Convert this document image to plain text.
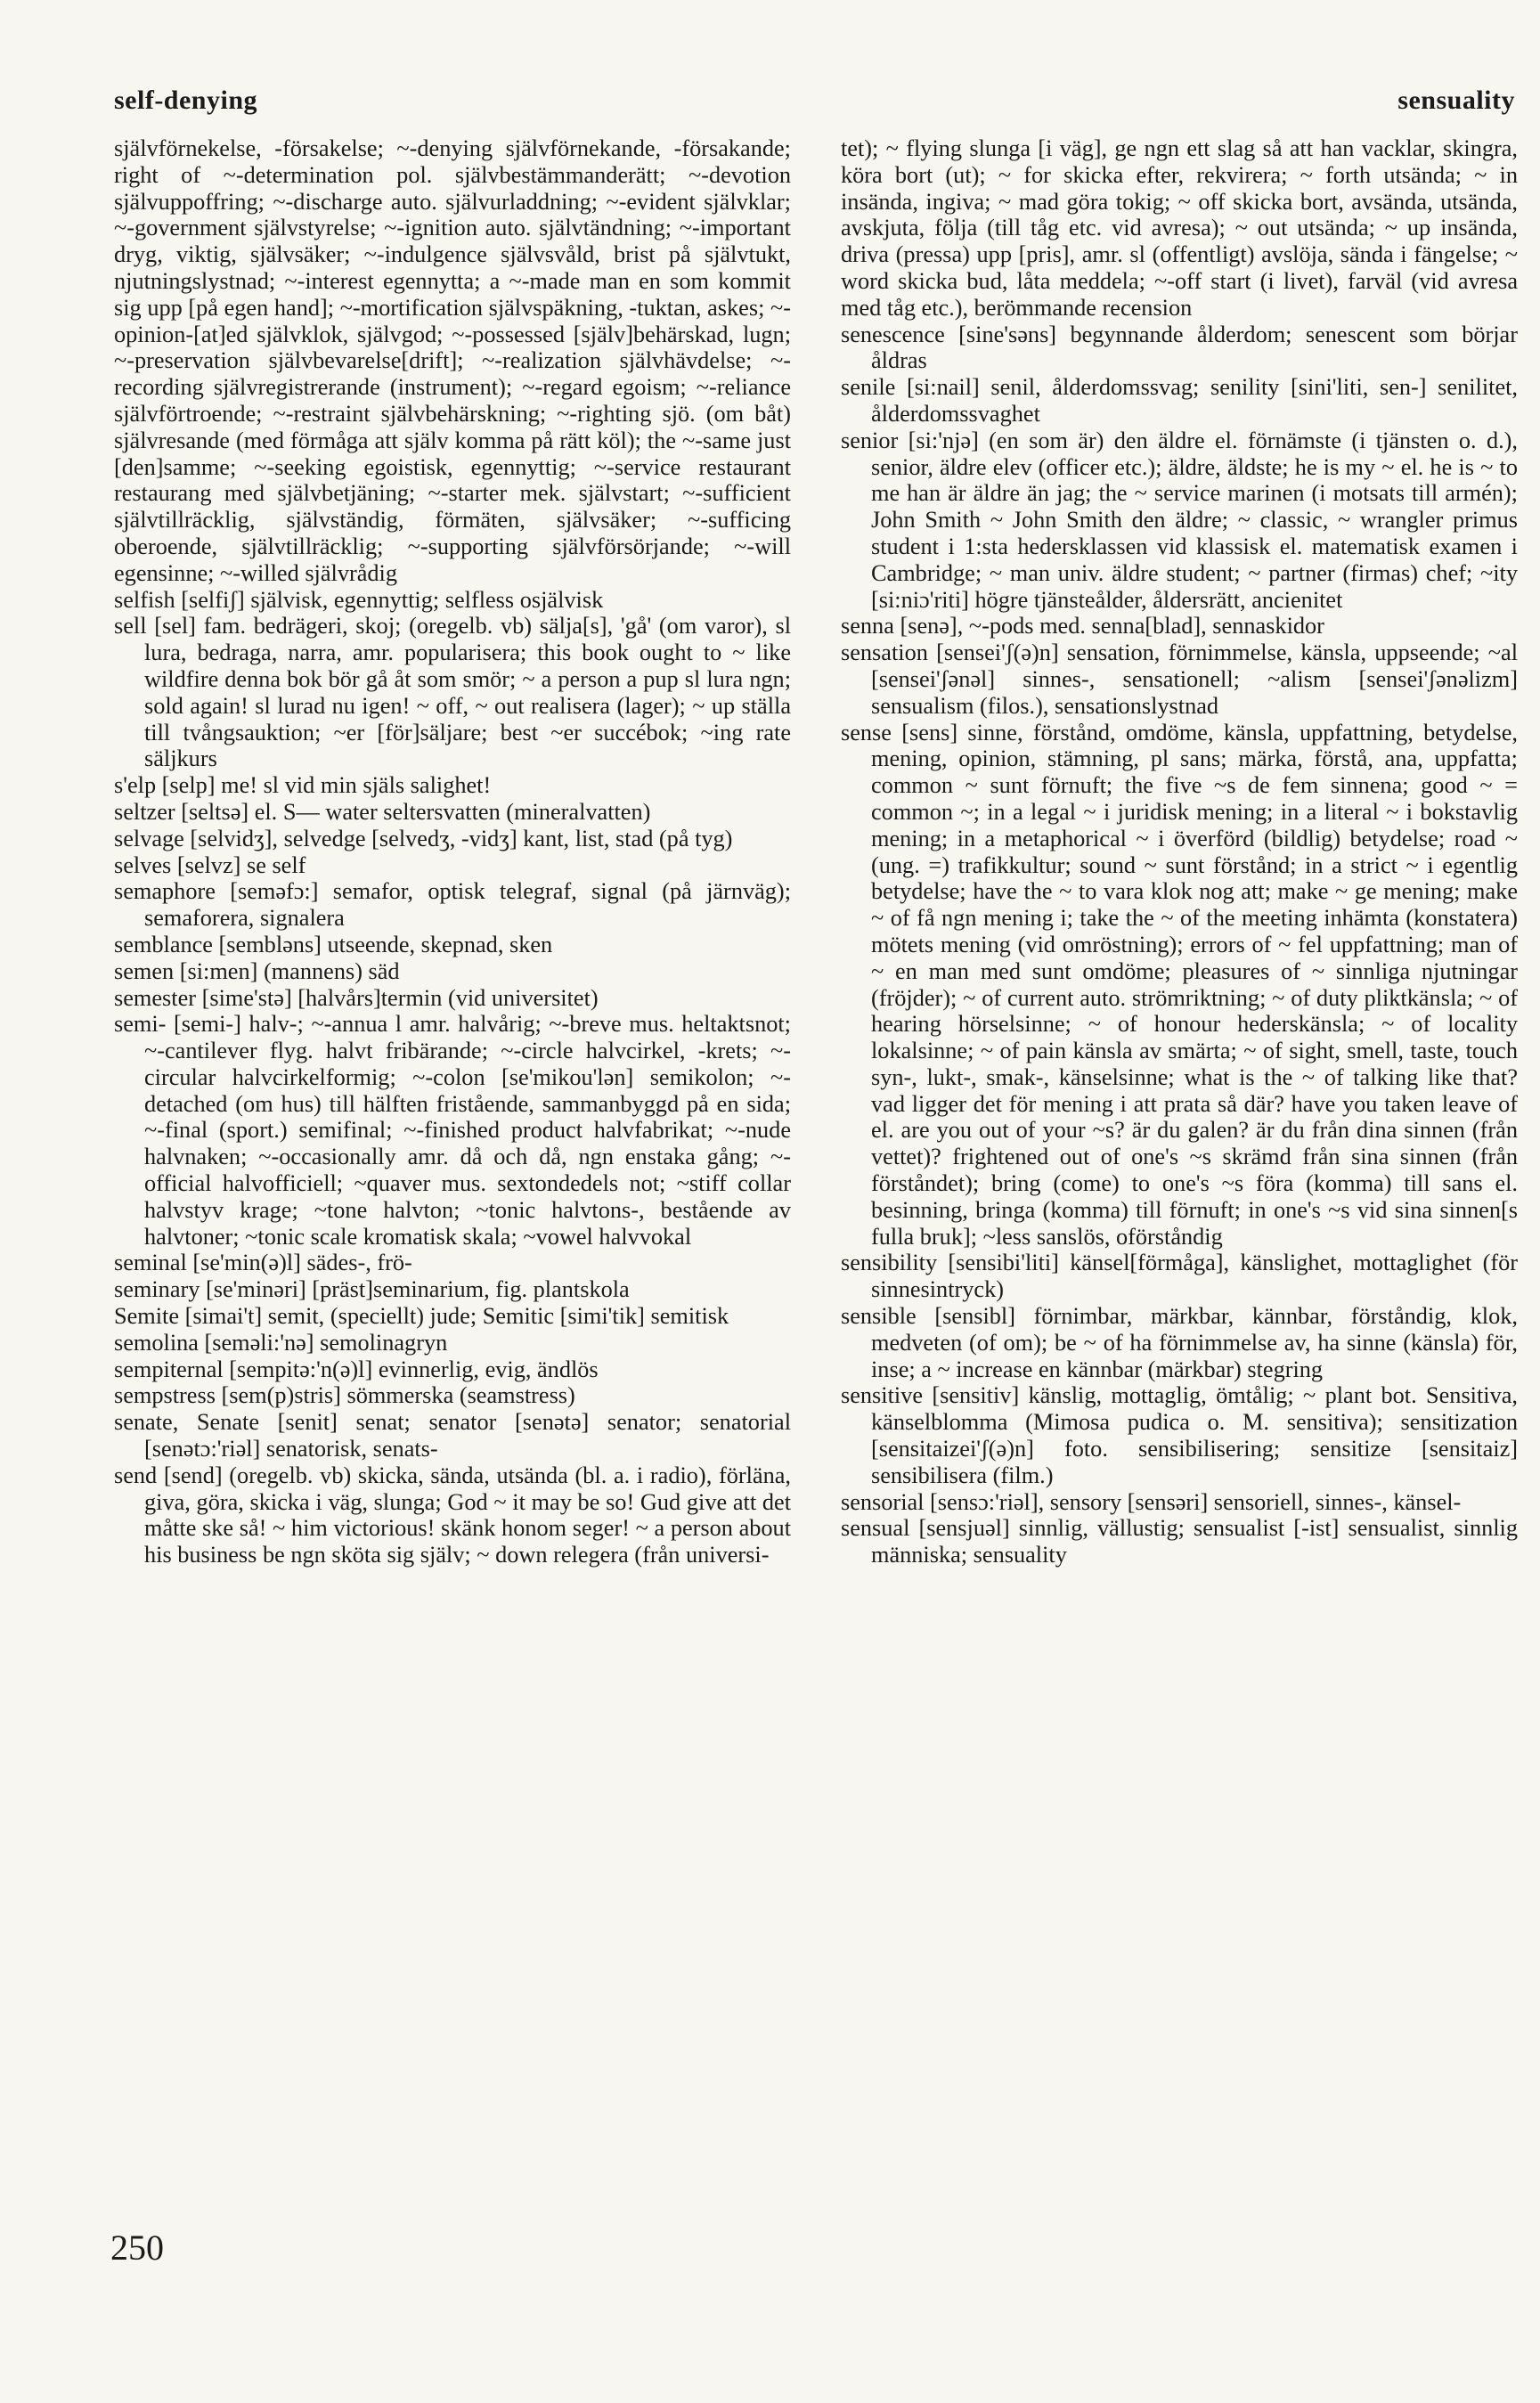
self-denying	sensuality

självförnekelse, -försakelse; ~-denying självförnekande, -försakande; right of ~-determination pol. självbestämmanderätt; ~-devotion självuppoffring; ~-discharge auto. självurladdning; ~-evident självklar; ~-government självstyrelse; ~-ignition auto. självtändning; ~-important dryg, viktig, självsäker; ~-indulgence självsvåld, brist på självtukt, njutningslystnad; ~-interest egennytta; a ~-made man en som kommit sig upp [på egen hand]; ~-mortification självspäkning, -tuktan, askes; ~-opinion-[at]ed självklok, självgod; ~-possessed [själv]behärskad, lugn; ~-preservation självbevarelse[drift]; ~-realization självhävdelse; ~-recording självregistrerande (instrument); ~-regard egoism; ~-reliance självförtroende; ~-restraint självbehärskning; ~-righting sjö. (om båt) självresande (med förmåga att själv komma på rätt köl); the ~-same just [den]samme; ~-seeking egoistisk, egennyttig; ~-service restaurant restaurang med självbetjäning; ~-starter mek. självstart; ~-sufficient självtillräcklig, självständig, förmäten, självsäker; ~-sufficing oberoende, självtillräcklig; ~-supporting självförsörjande; ~-will egensinne; ~-willed självrådig

selfish [selfiʃ] självisk, egennyttig; selfless osjälvisk

sell [sel] fam. bedrägeri, skoj; (oregelb. vb) sälja[s], 'gå' (om varor), sl lura, bedraga, narra, amr. popularisera; this book ought to ~ like wildfire denna bok bör gå åt som smör; ~ a person a pup sl lura ngn; sold again! sl lurad nu igen! ~ off, ~ out realisera (lager); ~ up ställa till tvångsauktion; ~er [för]säljare; best ~er succébok; ~ing rate säljkurs

s'elp [selp] me! sl vid min själs salighet!

seltzer [seltsə] el. S— water seltersvatten (mineralvatten)

selvage [selvidʒ], selvedge [selvedʒ, -vidʒ] kant, list, stad (på tyg)

selves [selvz] se self

semaphore [seməfɔ:] semafor, optisk telegraf, signal (på järnväg); semaforera, signalera

semblance [sembləns] utseende, skepnad, sken

semen [si:men] (mannens) säd

semester [sime'stə] [halvårs]termin (vid universitet)

semi- [semi-] halv-; ~-annua l amr. halvårig; ~-breve mus. heltaktsnot; ~-cantilever flyg. halvt fribärande; ~-circle halvcirkel, -krets; ~-circular halvcirkelformig; ~-colon [se'mikou'lən] semikolon; ~-detached (om hus) till hälften fristående, sammanbyggd på en sida; ~-final (sport.) semifinal; ~-finished product halvfabrikat; ~-nude halvnaken; ~-occasionally amr. då och då, ngn enstaka gång; ~-official halvofficiell; ~quaver mus. sextondedels not; ~stiff collar halvstyv krage; ~tone halvton; ~tonic halvtons-, bestående av halvtoner; ~tonic scale kromatisk skala; ~vowel halvvokal

seminal [se'min(ə)l] sädes-, frö-

seminary [se'minəri] [präst]seminarium, fig. plantskola

Semite [simai't] semit, (speciellt) jude; Semitic [simi'tik] semitisk

semolina [seməli:'nə] semolinagryn

sempiternal [sempitə:'n(ə)l] evinnerlig, evig, ändlös

sempstress [sem(p)stris] sömmerska (seamstress)

senate, Senate [senit] senat; senator [senətə] senator; senatorial [senətɔ:'riəl] senatorisk, senats-

send [send] (oregelb. vb) skicka, sända, utsända (bl. a. i radio), förläna, giva, göra, skicka i väg, slunga; God ~ it may be so! Gud give att det måtte ske så! ~ him victorious! skänk honom seger! ~ a person about his business be ngn sköta sig själv; ~ down relegera (från universi-

tet); ~ flying slunga [i väg], ge ngn ett slag så att han vacklar, skingra, köra bort (ut); ~ for skicka efter, rekvirera; ~ forth utsända; ~ in insända, ingiva; ~ mad göra tokig; ~ off skicka bort, avsända, utsända, avskjuta, följa (till tåg etc. vid avresa); ~ out utsända; ~ up insända, driva (pressa) upp [pris], amr. sl (offentligt) avslöja, sända i fängelse; ~ word skicka bud, låta meddela; ~-off start (i livet), farväl (vid avresa med tåg etc.), berömmande recension

senescence [sine'səns] begynnande ålderdom; senescent som börjar åldras

senile [si:nail] senil, ålderdomssvag; senility [sini'liti, sen-] senilitet, ålderdomssvaghet

senior [si:'njə] (en som är) den äldre el. förnämste (i tjänsten o. d.), senior, äldre elev (officer etc.); äldre, äldste; he is my ~ el. he is ~ to me han är äldre än jag; the ~ service marinen (i motsats till armén); John Smith ~ John Smith den äldre; ~ classic, ~ wrangler primus student i 1:sta hedersklassen vid klassisk el. matematisk examen i Cambridge; ~ man univ. äldre student; ~ partner (firmas) chef; ~ity [si:niɔ'riti] högre tjänsteålder, åldersrätt, ancienitet

senna [senə], ~-pods med. senna[blad], sennaskidor

sensation [sensei'ʃ(ə)n] sensation, förnimmelse, känsla, uppseende; ~al [sensei'ʃənəl] sinnes-, sensationell; ~alism [sensei'ʃənəlizm] sensualism (filos.), sensationslystnad

sense [sens] sinne, förstånd, omdöme, känsla, uppfattning, betydelse, mening, opinion, stämning, pl sans; märka, förstå, ana, uppfatta; common ~ sunt förnuft; the five ~s de fem sinnena; good ~ = common ~; in a legal ~ i juridisk mening; in a literal ~ i bokstavlig mening; in a metaphorical ~ i överförd (bildlig) betydelse; road ~ (ung. =) trafikkultur; sound ~ sunt förstånd; in a strict ~ i egentlig betydelse; have the ~ to vara klok nog att; make ~ ge mening; make ~ of få ngn mening i; take the ~ of the meeting inhämta (konstatera) mötets mening (vid omröstning); errors of ~ fel uppfattning; man of ~ en man med sunt omdöme; pleasures of ~ sinnliga njutningar (fröjder); ~ of current auto. strömriktning; ~ of duty pliktkänsla; ~ of hearing hörselsinne; ~ of honour hederskänsla; ~ of locality lokalsinne; ~ of pain känsla av smärta; ~ of sight, smell, taste, touch syn-, lukt-, smak-, känselsinne; what is the ~ of talking like that? vad ligger det för mening i att prata så där? have you taken leave of el. are you out of your ~s? är du galen? är du från dina sinnen (från vettet)? frightened out of one's ~s skrämd från sina sinnen (från förståndet); bring (come) to one's ~s föra (komma) till sans el. besinning, bringa (komma) till förnuft; in one's ~s vid sina sinnen[s fulla bruk]; ~less sanslös, oförståndig

sensibility [sensibi'liti] känsel[förmåga], känslighet, mottaglighet (för sinnesintryck)

sensible [sensibl] förnimbar, märkbar, kännbar, förståndig, klok, medveten (of om); be ~ of ha förnimmelse av, ha sinne (känsla) för, inse; a ~ increase en kännbar (märkbar) stegring

sensitive [sensitiv] känslig, mottaglig, ömtålig; ~ plant bot. Sensitiva, känselblomma (Mimosa pudica o. M. sensitiva); sensitization [sensitaizei'ʃ(ə)n] foto. sensibilisering; sensitize [sensitaiz] sensibilisera (film.)

sensorial [sensɔ:'riəl], sensory [sensəri] sensoriell, sinnes-, känsel-

sensual [sensjuəl] sinnlig, vällustig; sensualist [-ist] sensualist, sinnlig människa; sensuality

250
